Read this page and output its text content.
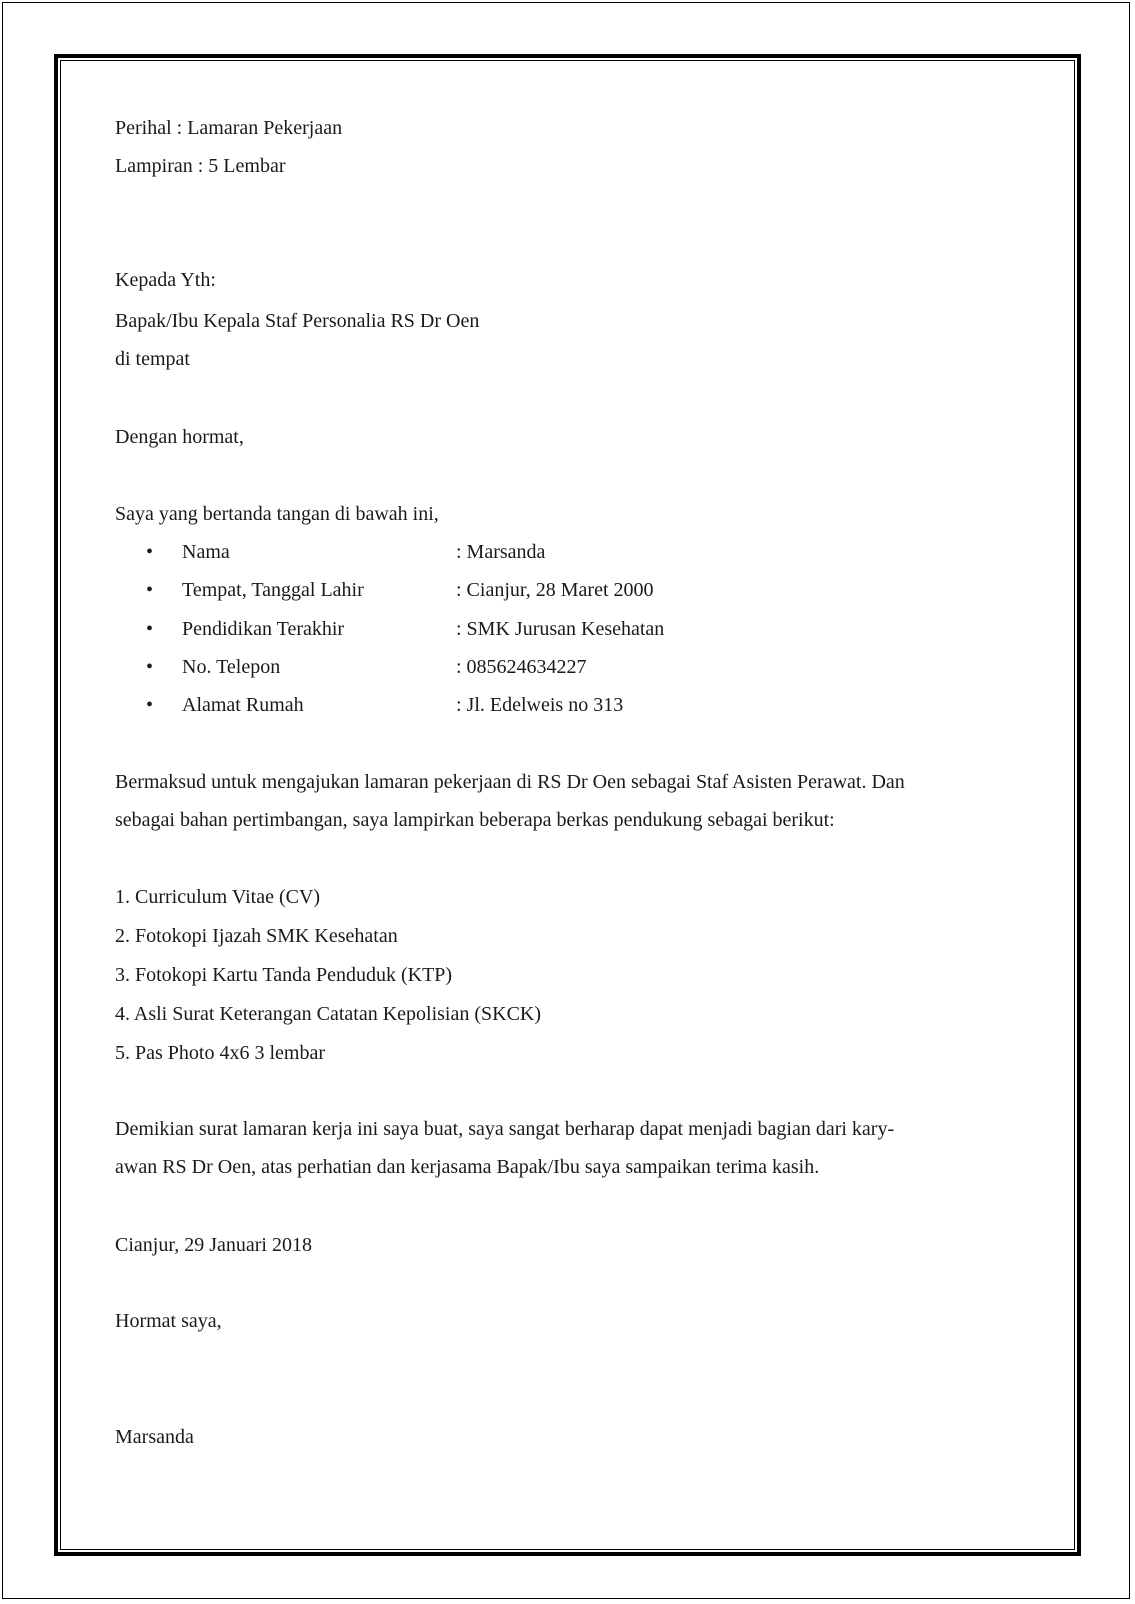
Perihal : Lamaran Pekerjaan
Lampiran : 5 Lembar
Kepada Yth:
Bapak/Ibu Kepala Staf Personalia RS Dr Oen
di tempat
Dengan hormat,
Saya yang bertanda tangan di bawah ini,
• Nama	: Marsanda
• Tempat, Tanggal Lahir	: Cianjur, 28 Maret 2000
• Pendidikan Terakhir	: SMK Jurusan Kesehatan
• No. Telepon	: 085624634227
• Alamat Rumah	: Jl. Edelweis no 313
Bermaksud untuk mengajukan lamaran pekerjaan di RS Dr Oen sebagai Staf Asisten Perawat. Dan
sebagai bahan pertimbangan, saya lampirkan beberapa berkas pendukung sebagai berikut:
1. Curriculum Vitae (CV)
2. Fotokopi Ijazah SMK Kesehatan
3. Fotokopi Kartu Tanda Penduduk (KTP)
4. Asli Surat Keterangan Catatan Kepolisian (SKCK)
5. Pas Photo 4x6 3 lembar
Demikian surat lamaran kerja ini saya buat, saya sangat berharap dapat menjadi bagian dari kary-
awan RS Dr Oen, atas perhatian dan kerjasama Bapak/Ibu saya sampaikan terima kasih.
Cianjur, 29 Januari 2018
Hormat saya,
Marsanda
